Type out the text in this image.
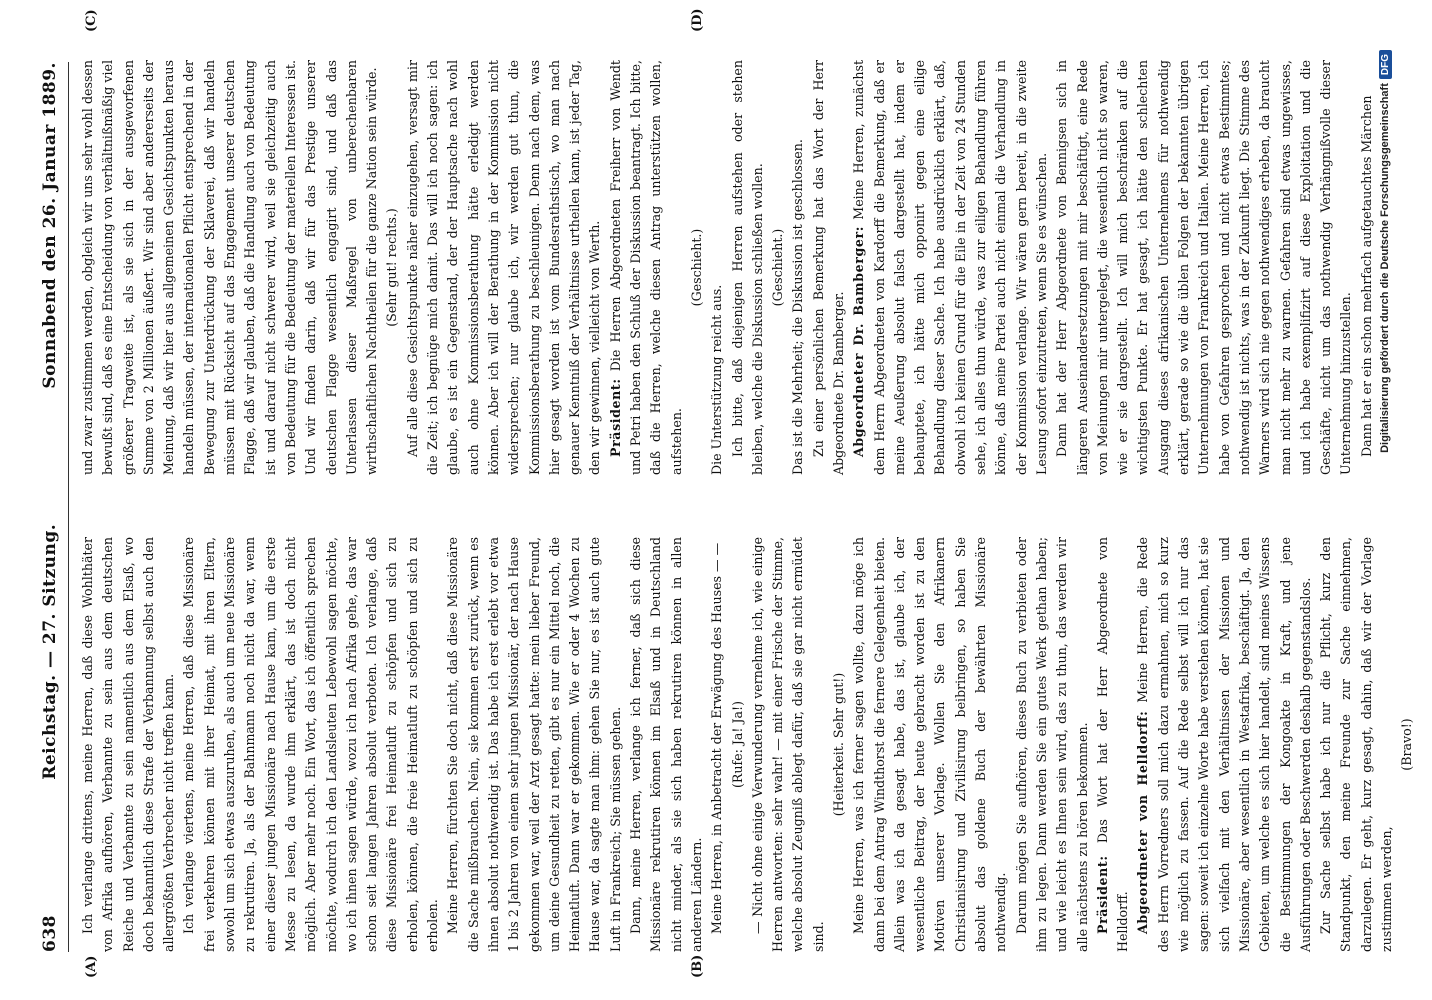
638
Reichstag. — 27. Sitzung.
Sonnabend den 26. Januar 1889.
(A)	(B)
(C)	(D)

Ich verlange drittens, meine Herren, daß diese Wohlthäter von Afrika aufhören, Verbannte zu sein aus dem deutschen Reiche und Verbannte zu sein namentlich aus dem Elsaß, wo doch bekanntlich diese Strafe der Verbannung selbst auch den allergrößten Verbrecher nicht treffen kann. Ich verlange viertens, meine Herren, daß diese Missionäre frei verkehren können mit ihrer Heimat, mit ihren Eltern, sowohl um sich etwas auszuruhen, als auch um neue Missionäre zu rekrutiren. Ja, als der Bahnmann noch nicht da war, wenn einer dieser jungen Missionäre nach Hause kam, um die erste Messe zu lesen, da wurde ihm erklärt, das ist doch nicht möglich. Aber mehr noch. Ein Wort, das ich öffentlich sprechen möchte, wodurch ich den Landsleuten Lebewohl sagen möchte, wo ich ihnen sagen würde, wozu ich nach Afrika gehe, das war schon seit langen Jahren absolut verboten. Ich verlange, daß diese Missionäre frei Heimatluft zu schöpfen und sich zu erholen, können, die freie Heimatluft zu schöpfen und sich zu erholen. Meine Herren, fürchten Sie doch nicht, daß diese Missionäre die Sache mißbrauchen. Nein, sie kommen erst zurück, wenn es ihnen absolut nothwendig ist. Das habe ich erst erlebt vor etwa 1 bis 2 Jahren von einem sehr jungen Missionär, der nach Hause gekommen war, weil der Arzt gesagt hatte: mein lieber Freund, um deine Gesundheit zu retten, gibt es nur ein Mittel noch, die Heimatluft. Dann war er gekommen. Wie er oder 4 Wochen zu Hause war, da sagte man ihm: gehen Sie nur, es ist auch gute Luft in Frankreich; Sie müssen gehen. Dann, meine Herren, verlange ich ferner, daß sich diese Missionäre rekrutiren können im Elsaß und in Deutschland nicht minder, als sie sich haben rekrutiren können in allen anderen Ländern. Meine Herren, in Anbetracht der Erwägung des Hauses — — (Rufe: Ja! Ja!) — Nicht ohne einige Verwunderung vernehme ich, wie einige Herren antworten: sehr wahr! — mit einer Frische der Stimme, welche absolut Zeugniß ablegt dafür, daß sie gar nicht ermüdet sind.

(Heiterkeit. Sehr gut!) Meine Herren, was ich ferner sagen wollte, dazu möge ich dann bei dem Antrag Windthorst die fernere Gelegenheit bieten. Allein was ich da gesagt habe, das ist, glaube ich, der wesentliche Beitrag, der heute gebracht worden ist zu den Motiven unserer Vorlage. Wollen Sie den Afrikanern Christianisirung und Zivilisirung beibringen, so haben Sie absolut das goldene Buch der bewährten Missionäre nothwendig. Darum mögen Sie aufhören, dieses Buch zu verbieten oder ihm zu legen. Dann werden Sie ein gutes Werk gethan haben; und wie leicht es Ihnen sein wird, das zu thun, das werden wir alle nächstens zu hören bekommen. Präsident: Das Wort hat der Herr Abgeordnete von Helldorff. Abgeordneter von Helldorff: Meine Herren, die Rede des Herrn Vorredners soll mich dazu ermahnen, mich so kurz wie möglich zu fassen. Auf die Rede selbst will ich nur das sagen: soweit ich einzelne Worte habe verstehen können, hat sie sich vielfach mit den Verhältnissen der Missionen und Missionäre, aber wesentlich in Westafrika, beschäftigt. Ja, den Gebieten, um welche es sich hier handelt, sind meines Wissens die Bestimmungen der Kongoakte in Kraft, und jene Ausführungen oder Beschwerden deshalb gegenstandslos. Zur Sache selbst habe ich nur die Pflicht, kurz den Standpunkt, den meine Freunde zur Sache einnehmen, darzulegen. Er geht, kurz gesagt, dahin, daß wir der Vorlage zustimmen werden,

(Bravo!)

und zwar zustimmen werden, obgleich wir uns sehr wohl dessen bewußt sind, daß es eine Entscheidung von verhältnißmäßig viel größerer Tragweite ist, als sie sich in der ausgeworfenen Summe von 2 Millionen äußert. Wir sind aber andererseits der Meinung, daß wir hier aus allgemeinen Gesichtspunkten heraus handeln müssen, der internationalen Pflicht entsprechend in der Bewegung zur Unterdrückung der Sklaverei, daß wir handeln müssen mit Rücksicht auf das Engagement unserer deutschen Flagge, daß wir glauben, daß die Handlung auch von Bedeutung ist und darauf nicht schwerer wird, weil sie gleichzeitig auch von Bedeutung für die Bedeutung der materiellen Interessen ist. Und wir finden darin, daß wir für das Prestige unserer deutschen Flagge wesentlich engagirt sind, und daß das Unterlassen dieser Maßregel von unberechenbaren wirthschaftlichen Nachtheilen für die ganze Nation sein würde. (Sehr gut! rechts.) Auf alle diese Gesichtspunkte näher einzugehen, versagt mir die Zeit; ich begnüge mich damit. Das will ich noch sagen: ich glaube, es ist ein Gegenstand, der der Hauptsache nach wohl auch ohne Kommissionsberathung hätte erledigt werden können. Aber ich will der Berathung in der Kommission nicht widersprechen; nur glaube ich, wir werden gut thun, die Kommissionsberathung zu beschleunigen. Denn nach dem, was hier gesagt worden ist vom Bundesrathstisch, wo man nach genauer Kenntniß der Verhältnisse urtheilen kann, ist jeder Tag, den wir gewinnen, vielleicht von Werth. Präsident: Die Herren Abgeordneten Freiherr von Wendt und Petri haben den Schluß der Diskussion beantragt. Ich bitte, daß die Herren, welche diesen Antrag unterstützen wollen, aufstehen.

(Geschieht.)

Die Unterstützung reicht aus. Ich bitte, daß diejenigen Herren aufstehen oder stehen bleiben, welche die Diskussion schließen wollen. (Geschieht.) Das ist die Mehrheit; die Diskussion ist geschlossen. Zu einer persönlichen Bemerkung hat das Wort der Herr Abgeordnete Dr. Bamberger. Abgeordneter Dr. Bamberger: Meine Herren, zunächst dem Herrn Abgeordneten von Kardorff die Bemerkung, daß er meine Aeußerung absolut falsch dargestellt hat, indem er behauptete, ich hätte mich opponirt gegen eine eilige Behandlung dieser Sache. Ich habe ausdrücklich erklärt, daß, obwohl ich keinen Grund für die Eile in der Zeit von 24 Stunden sehe, ich alles thun würde, was zur eiligen Behandlung führen könne, daß meine Partei auch nicht einmal die Verhandlung in der Kommission verlange. Wir wären gern bereit, in die zweite Lesung sofort einzutreten, wenn Sie es wünschen. Dann hat der Herr Abgeordnete von Bennigsen sich in längeren Auseinandersetzungen mit mir beschäftigt, eine Rede von Meinungen mir untergelegt, die wesentlich nicht so waren, wie er sie dargestellt. Ich will mich beschränken auf die wichtigsten Punkte. Er hat gesagt, ich hätte den schlechten Ausgang dieses afrikanischen Unternehmens für nothwendig erklärt, gerade so wie die üblen Folgen der bekannten übrigen Unternehmungen von Frankreich und Italien. Meine Herren, ich habe von Gefahren gesprochen und nicht etwas Bestimmtes; nothwendig ist nichts, was in der Zukunft liegt. Die Stimme des Warners wird sich nie gegen nothwendiges erheben, da braucht man nicht mehr zu warnen. Gefahren sind etwas ungewisses, und ich habe exemplifizirt auf diese Exploitation und die Geschäfte, nicht um das nothwendig Verhängnißvolle dieser Unternehmung hinzustellen. Dann hat er ein schon mehrfach aufgetauchtes Märchen Digitalisierung gefördert durch die Deutsche Forschungsgemeinschaft
DFG
